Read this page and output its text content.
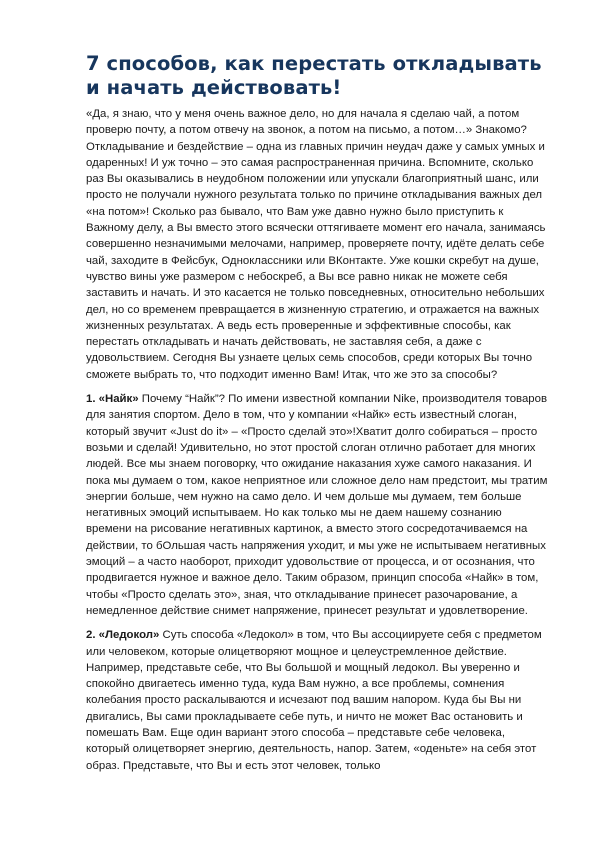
7 способов, как перестать откладывать и начать действовать!

«Да, я знаю, что у меня очень важное дело, но для начала я сделаю чай, а потом проверю почту, а потом отвечу на звонок, а потом на письмо, а потом…» Знакомо? Откладывание и бездействие – одна из главных причин неудач даже у самых умных и одаренных! И уж точно – это самая распространенная причина. Вспомните, сколько раз Вы оказывались в неудобном положении или упускали благоприятный шанс, или просто не получали нужного результата только по причине откладывания важных дел «на потом»! Сколько раз бывало, что Вам уже давно нужно было приступить к Важному делу, а Вы вместо этого всячески оттягиваете момент его начала, занимаясь совершенно незначимыми мелочами, например, проверяете почту, идёте делать себе чай, заходите в Фейсбук, Одноклассники или ВКонтакте. Уже кошки скребут на душе, чувство вины уже размером с небоскреб, а Вы все равно никак не можете себя заставить и начать. И это касается не только повседневных, относительно небольших дел, но со временем превращается в жизненную стратегию, и отражается на важных жизненных результатах. А ведь есть проверенные и эффективные способы, как перестать откладывать и начать действовать, не заставляя себя, а даже с удовольствием. Сегодня Вы узнаете целых семь способов, среди которых Вы точно сможете выбрать то, что подходит именно Вам! Итак, что же это за способы?

1. «Найк» Почему “Найк”? По имени известной компании Nike, производителя товаров для занятия спортом. Дело в том, что у компании «Найк» есть известный слоган, который звучит «Just do it» – «Просто сделай это»!Хватит долго собираться – просто возьми и сделай! Удивительно, но этот простой слоган отлично работает для многих людей. Все мы знаем поговорку, что ожидание наказания хуже самого наказания. И пока мы думаем о том, какое неприятное или сложное дело нам предстоит, мы тратим энергии больше, чем нужно на само дело. И чем дольше мы думаем, тем больше негативных эмоций испытываем. Но как только мы не даем нашему сознанию времени на рисование негативных картинок, а вместо этого сосредотачиваемся на действии, то бОльшая часть напряжения уходит, и мы уже не испытываем негативных эмоций – а часто наоборот, приходит удовольствие от процесса, и от осознания, что продвигается нужное и важное дело. Таким образом, принцип способа «Найк» в том, чтобы «Просто сделать это», зная, что откладывание принесет разочарование, а немедленное действие снимет напряжение, принесет результат и удовлетворение.

2. «Ледокол» Суть способа «Ледокол» в том, что Вы ассоциируете себя с предметом или человеком, которые олицетворяют мощное и целеустремленное действие. Например, представьте себе, что Вы большой и мощный ледокол. Вы уверенно и спокойно двигаетесь именно туда, куда Вам нужно, а все проблемы, сомнения колебания просто раскалываются и исчезают под вашим напором. Куда бы Вы ни двигались, Вы сами прокладываете себе путь, и ничто не может Вас остановить и помешать Вам. Еще один вариант этого способа – представьте себе человека, который олицетворяет энергию, деятельность, напор. Затем, «оденьте» на себя этот образ. Представьте, что Вы и есть этот человек, только
